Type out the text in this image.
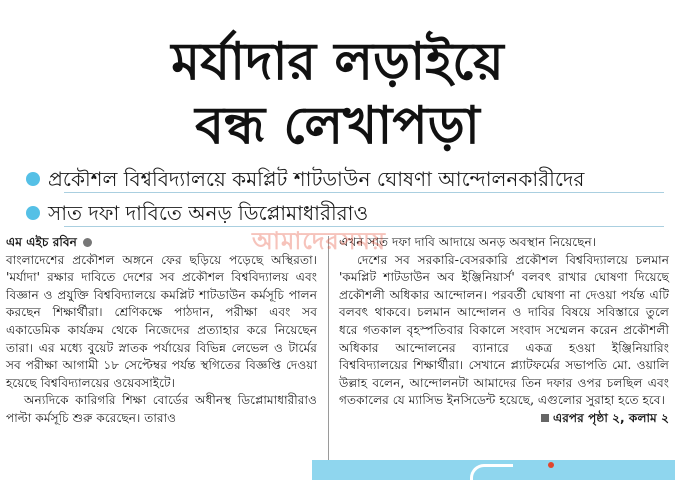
মর্যাদার লড়াইয়ে
বন্ধ লেখাপড়া
প্রকৌশল বিশ্ববিদ্যালয়ে কমপ্লিট শাটডাউন ঘোষণা আন্দোলনকারীদের
সাত দফা দাবিতে অনড় ডিপ্লোমাধারীরাও
এম এইচ রবিন
বাংলাদেশের প্রকৌশল অঙ্গনে ফের ছড়িয়ে পড়েছে অস্থিরতা। 'মর্যাদা' রক্ষার দাবিতে দেশের সব প্রকৌশল বিশ্ববিদ্যালয় এবং বিজ্ঞান ও প্রযুক্তি বিশ্ববিদ্যালয়ে কমপ্লিট শাটডাউন কর্মসূচি পালন করছেন শিক্ষার্থীরা। শ্রেণিকক্ষে পাঠদান, পরীক্ষা এবং সব একাডেমিক কার্যক্রম থেকে নিজেদের প্রত্যাহার করে নিয়েছেন তারা। এর মধ্যে বুয়েট স্নাতক পর্যায়ের বিভিন্ন লেভেল ও টার্মের সব পরীক্ষা আগামী ১৮ সেপ্টেম্বর পর্যন্ত স্থগিতের বিজ্ঞপ্তি দেওয়া হয়েছে বিশ্ববিদ্যালয়ের ওয়েবসাইটে।
অন্যদিকে কারিগরি শিক্ষা বোর্ডের অধীনস্থ ডিপ্লোমাধারীরাও পাল্টা কর্মসূচি শুরু করেছেন। তারাও
এখন সাত দফা দাবি আদায়ে অনড় অবস্থান নিয়েছেন।
দেশের সব সরকারি-বেসরকারি প্রকৌশল বিশ্ববিদ্যালয়ে চলমান 'কমপ্লিট শাটডাউন অব ইঞ্জিনিয়ার্স' বলবৎ রাখার ঘোষণা দিয়েছে প্রকৌশলী অধিকার আন্দোলন। পরবর্তী ঘোষণা না দেওয়া পর্যন্ত এটি বলবৎ থাকবে। চলমান আন্দোলন ও দাবির বিষয়ে সবিস্তারে তুলে ধরে গতকাল বৃহস্পতিবার বিকালে সংবাদ সম্মেলন করেন প্রকৌশলী অধিকার আন্দোলনের ব্যানারে একত্র হওয়া ইঞ্জিনিয়ারিং বিশ্ববিদ্যালয়ের শিক্ষার্থীরা। সেখানে প্ল্যাটফর্মের সভাপতি মো. ওয়ালি উল্লাহ বলেন, আন্দোলনটা আমাদের তিন দফার ওপর চলছিল এবং গতকালের যে ম্যাসিভ ইনসিডেন্ট হয়েছে, এগুলোর সুরাহা হতে হবে।
এরপর পৃষ্ঠা ২, কলাম ২
আমাদেরসময়
